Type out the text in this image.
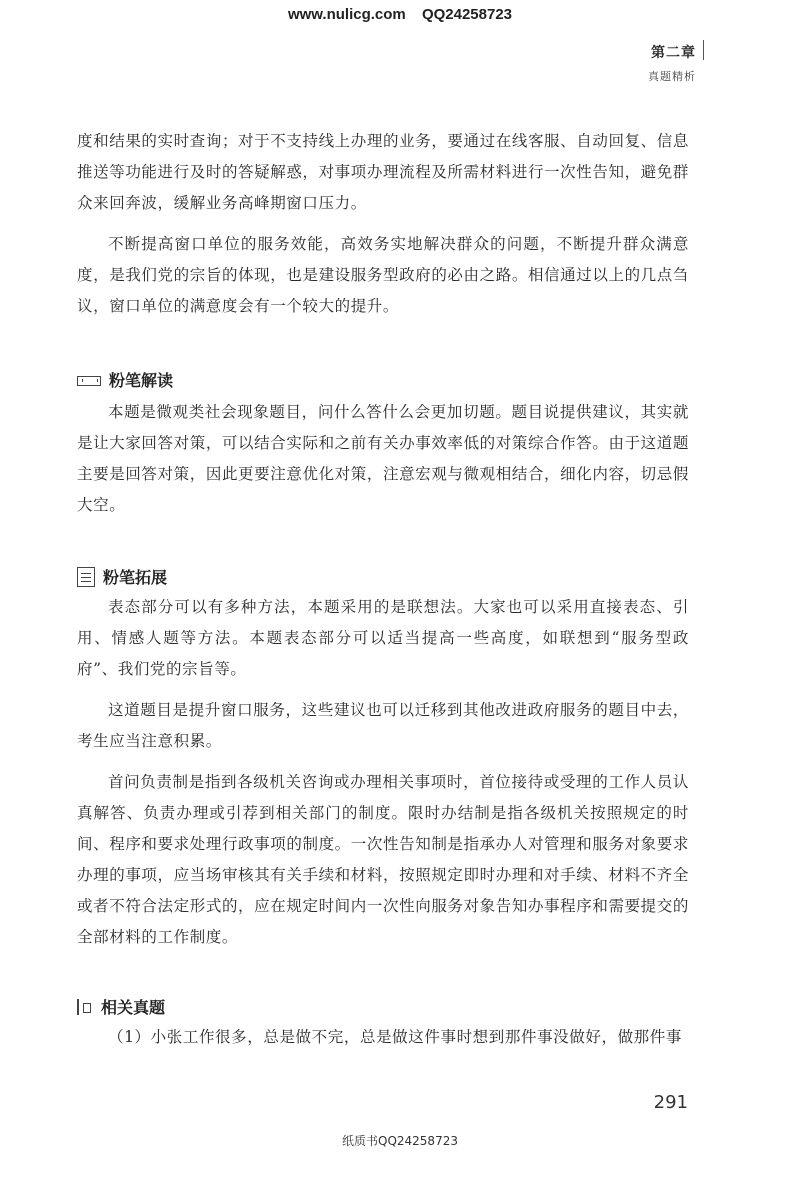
www.nulicg.com QQ24258723
第二章
真题精析

度和结果的实时查询；对于不支持线上办理的业务，要通过在线客服、自动回复、信息推送等功能进行及时的答疑解惑，对事项办理流程及所需材料进行一次性告知，避免群众来回奔波，缓解业务高峰期窗口压力。

不断提高窗口单位的服务效能，高效务实地解决群众的问题，不断提升群众满意度，是我们党的宗旨的体现，也是建设服务型政府的必由之路。相信通过以上的几点刍议，窗口单位的满意度会有一个较大的提升。

粉笔解读

本题是微观类社会现象题目，问什么答什么会更加切题。题目说提供建议，其实就是让大家回答对策，可以结合实际和之前有关办事效率低的对策综合作答。由于这道题主要是回答对策，因此更要注意优化对策，注意宏观与微观相结合，细化内容，切忌假大空。

粉笔拓展

表态部分可以有多种方法，本题采用的是联想法。大家也可以采用直接表态、引用、情感人题等方法。本题表态部分可以适当提高一些高度，如联想到“服务型政府”、我们党的宗旨等。

这道题目是提升窗口服务，这些建议也可以迁移到其他改进政府服务的题目中去，考生应当注意积累。

首问负责制是指到各级机关咨询或办理相关事项时，首位接待或受理的工作人员认真解答、负责办理或引荐到相关部门的制度。限时办结制是指各级机关按照规定的时间、程序和要求处理行政事项的制度。一次性告知制是指承办人对管理和服务对象要求办理的事项，应当场审核其有关手续和材料，按照规定即时办理和对手续、材料不齐全或者不符合法定形式的，应在规定时间内一次性向服务对象告知办事程序和需要提交的全部材料的工作制度。

相关真题

（1）小张工作很多，总是做不完，总是做这件事时想到那件事没做好，做那件事

291
纸质书QQ24258723
